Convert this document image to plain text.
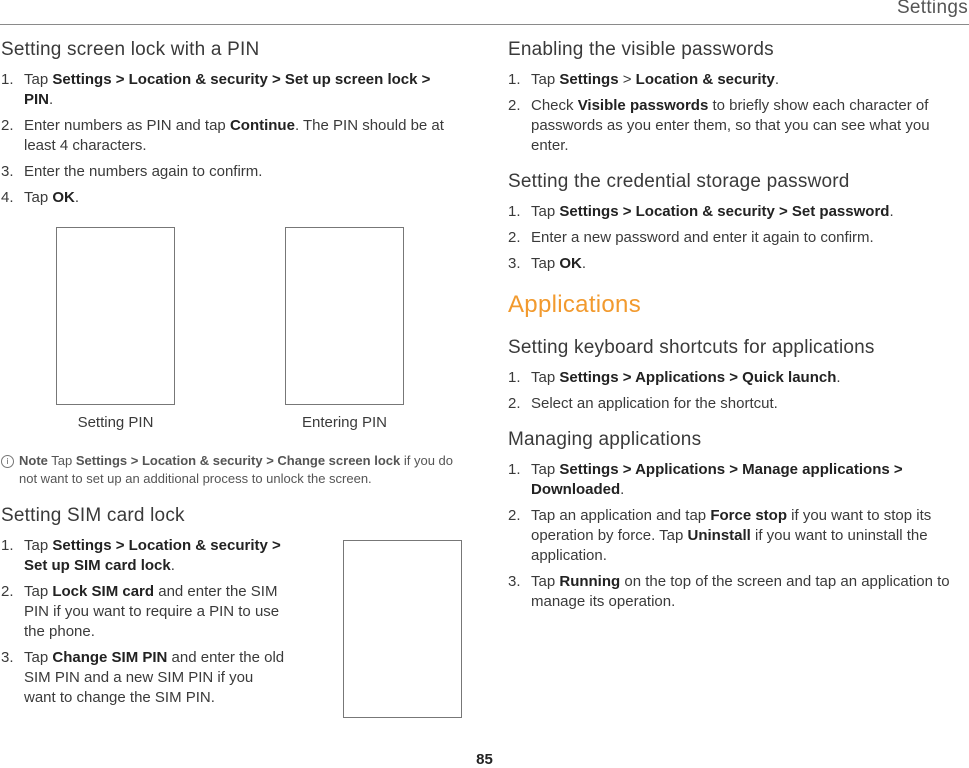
Settings
Setting screen lock with a PIN
1. Tap Settings > Location & security > Set up screen lock > PIN.
2. Enter numbers as PIN and tap Continue. The PIN should be at least 4 characters.
3. Enter the numbers again to confirm.
4. Tap OK.
Setting PIN	Entering PIN
i Note Tap Settings > Location & security > Change screen lock if you do not want to set up an additional process to unlock the screen.
Setting SIM card lock
1. Tap Settings > Location & security > Set up SIM card lock.
2. Tap Lock SIM card and enter the SIM PIN if you want to require a PIN to use the phone.
3. Tap Change SIM PIN and enter the old SIM PIN and a new SIM PIN if you want to change the SIM PIN.
Enabling the visible passwords
1. Tap Settings > Location & security.
2. Check Visible passwords to briefly show each character of passwords as you enter them, so that you can see what you enter.
Setting the credential storage password
1. Tap Settings > Location & security > Set password.
2. Enter a new password and enter it again to confirm.
3. Tap OK.
Applications
Setting keyboard shortcuts for applications
1. Tap Settings > Applications > Quick launch.
2. Select an application for the shortcut.
Managing applications
1. Tap Settings > Applications > Manage applications > Downloaded.
2. Tap an application and tap Force stop if you want to stop its operation by force. Tap Uninstall if you want to uninstall the application.
3. Tap Running on the top of the screen and tap an application to manage its operation.
85
